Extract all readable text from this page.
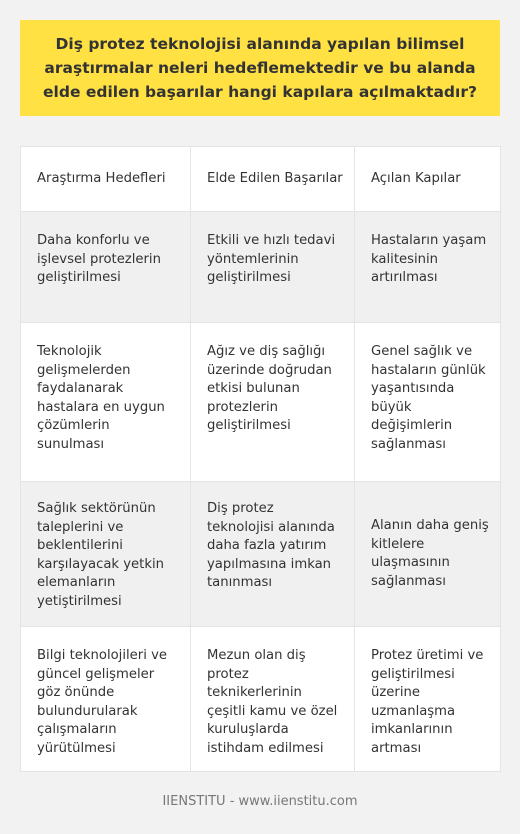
Diş protez teknolojisi alanında yapılan bilimsel araştırmalar neleri hedeflemektedir ve bu alanda elde edilen başarılar hangi kapılara açılmaktadır?
Araştırma Hedefleri	Elde Edilen Başarılar	Açılan Kapılar
Daha konforlu ve işlevsel protezlerin geliştirilmesi	Etkili ve hızlı tedavi yöntemlerinin geliştirilmesi	Hastaların yaşam kalitesinin artırılması
Teknolojik gelişmelerden faydalanarak hastalara en uygun çözümlerin sunulması	Ağız ve diş sağlığı üzerinde doğrudan etkisi bulunan protezlerin geliştirilmesi	Genel sağlık ve hastaların günlük yaşantısında büyük değişimlerin sağlanması
Sağlık sektörünün taleplerini ve beklentilerini karşılayacak yetkin elemanların yetiştirilmesi	Diş protez teknolojisi alanında daha fazla yatırım yapılmasına imkan tanınması	Alanın daha geniş kitlelere ulaşmasının sağlanması
Bilgi teknolojileri ve güncel gelişmeler göz önünde bulundurularak çalışmaların yürütülmesi	Mezun olan diş protez teknikerlerinin çeşitli kamu ve özel kuruluşlarda istihdam edilmesi	Protez üretimi ve geliştirilmesi üzerine uzmanlaşma imkanlarının artması
IIENSTITU - www.iienstitu.com
